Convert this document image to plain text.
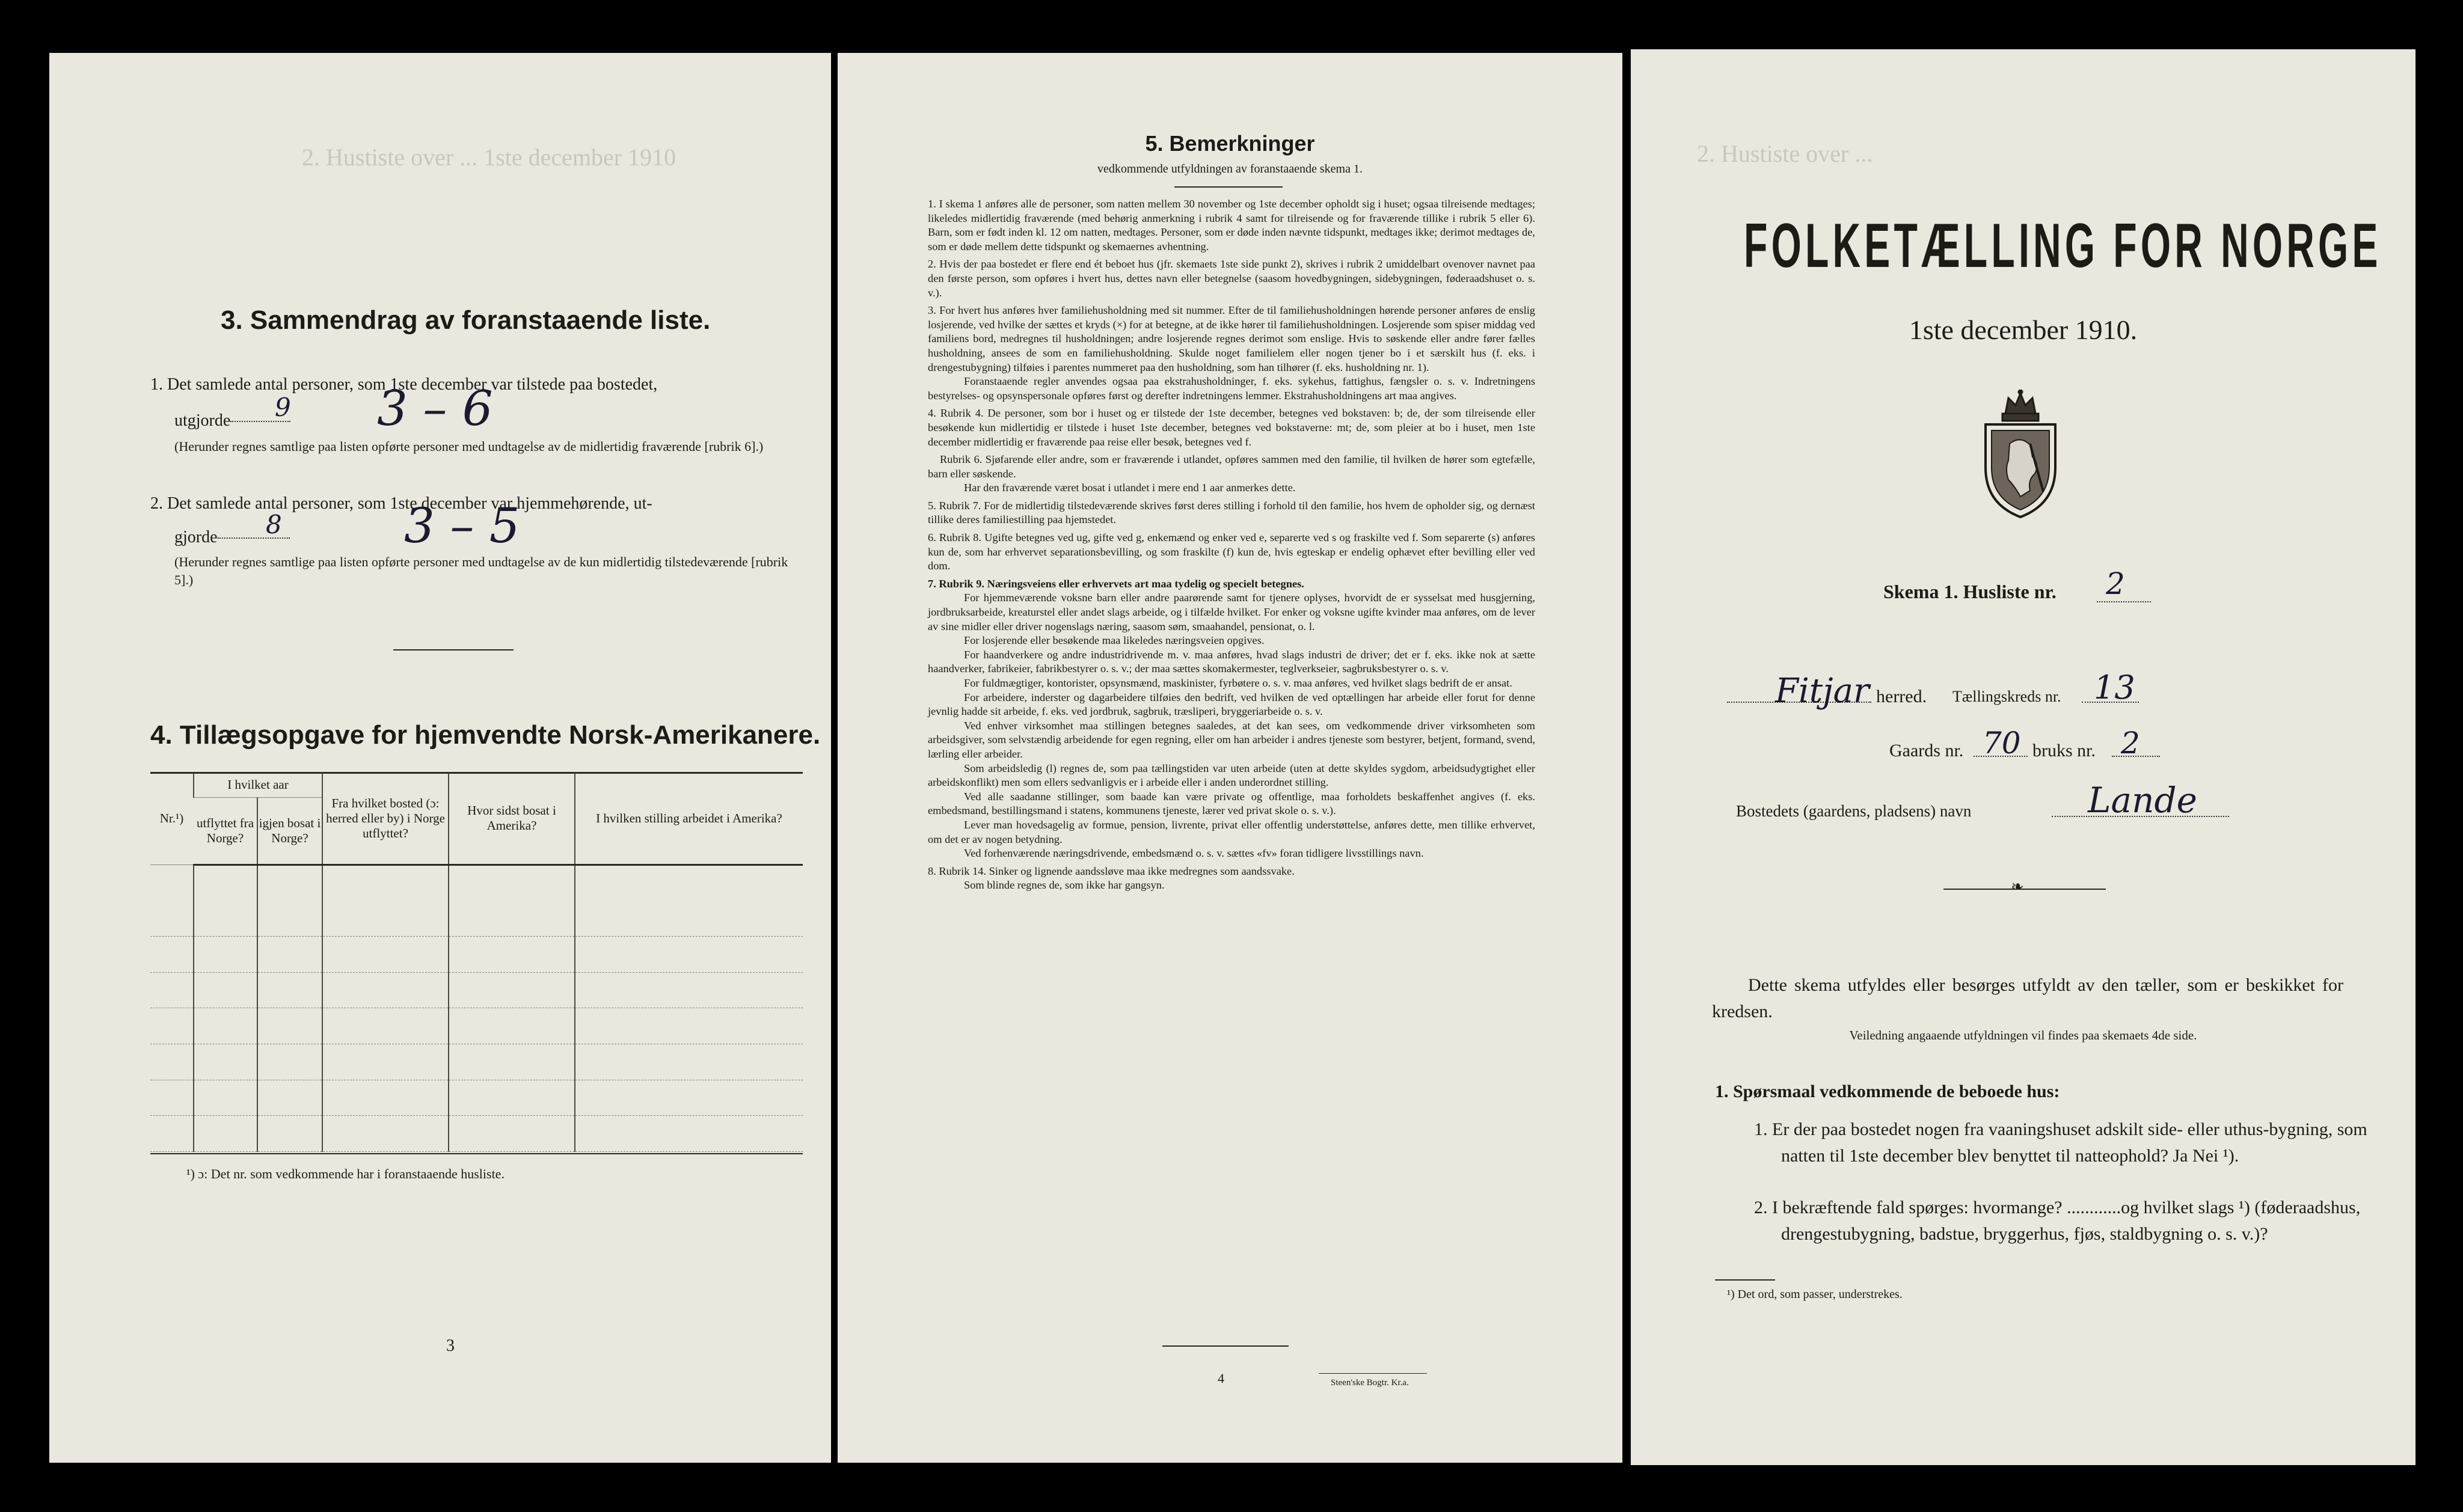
2. Hustiste over ... 1ste december 1910
3. Sammendrag av foranstaaende liste.
1. Det samlede antal personer, som 1ste december var tilstede paa bostedet,
utgjorde	9 3 – 6
(Herunder regnes samtlige paa listen opførte personer med undtagelse av de midlertidig fraværende [rubrik 6].)
2. Det samlede antal personer, som 1ste december var hjemmehørende, ut-
gjorde	8	3 – 5
(Herunder regnes samtlige paa listen opførte personer med undtagelse av de kun midlertidig tilstedeværende [rubrik 5].)
4. Tillægsopgave for hjemvendte Norsk-Amerikanere.
Nr.¹)	I hvilket aar		Fra hvilket bosted (ɔ: herred eller by) i Norge utflyttet?	Hvor sidst bosat i Amerika?	I hvilken stilling arbeidet i Amerika?
	utflyttet fra Norge?	igjen bosat i Norge?			

¹) ɔ: Det nr. som vedkommende har i foranstaaende husliste.
3
5. Bemerkninger
vedkommende utfyldningen av foranstaaende skema 1.

1. I skema 1 anføres alle de personer, som natten mellem 30 november og 1ste december opholdt sig i huset; ogsaa tilreisende medtages; likeledes midlertidig fraværende (med behørig anmerkning i rubrik 4 samt for tilreisende og for fraværende tillike i rubrik 5 eller 6). Barn, som er født inden kl. 12 om natten, medtages. Personer, som er døde inden nævnte tidspunkt, medtages ikke; derimot medtages de, som er døde mellem dette tidspunkt og skemaernes avhentning.

2. Hvis der paa bostedet er flere end ét beboet hus (jfr. skemaets 1ste side punkt 2), skrives i rubrik 2 umiddelbart ovenover navnet paa den første person, som opføres i hvert hus, dettes navn eller betegnelse (saasom hovedbygningen, sidebygningen, føderaadshuset o. s. v.).

3. For hvert hus anføres hver familiehusholdning med sit nummer. Efter de til familiehusholdningen hørende personer anføres de enslig losjerende, ved hvilke der sættes et kryds (×) for at betegne, at de ikke hører til familiehusholdningen. Losjerende som spiser middag ved familiens bord, medregnes til husholdningen; andre losjerende regnes derimot som enslige. Hvis to søskende eller andre fører fælles husholdning, ansees de som en familiehusholdning. Skulde noget familielem eller nogen tjener bo i et særskilt hus (f. eks. i drengestubygning) tilføies i parentes nummeret paa den husholdning, som han tilhører (f. eks. husholdning nr. 1).

Foranstaaende regler anvendes ogsaa paa ekstrahusholdninger, f. eks. sykehus, fattighus, fængsler o. s. v. Indretningens bestyrelses- og opsynspersonale opføres først og derefter indretningens lemmer. Ekstrahusholdningens art maa angives.

4. Rubrik 4. De personer, som bor i huset og er tilstede der 1ste december, betegnes ved bokstaven: b; de, der som tilreisende eller besøkende kun midlertidig er tilstede i huset 1ste december, betegnes ved bokstaverne: mt; de, som pleier at bo i huset, men 1ste december midlertidig er fraværende paa reise eller besøk, betegnes ved f.

Rubrik 6. Sjøfarende eller andre, som er fraværende i utlandet, opføres sammen med den familie, til hvilken de hører som egtefælle, barn eller søskende.

Har den fraværende været bosat i utlandet i mere end 1 aar anmerkes dette.

5. Rubrik 7. For de midlertidig tilstedeværende skrives først deres stilling i forhold til den familie, hos hvem de opholder sig, og dernæst tillike deres familiestilling paa hjemstedet.

6. Rubrik 8. Ugifte betegnes ved ug, gifte ved g, enkemænd og enker ved e, separerte ved s og fraskilte ved f. Som separerte (s) anføres kun de, som har erhvervet separationsbevilling, og som fraskilte (f) kun de, hvis egteskap er endelig ophævet efter bevilling eller ved dom.

7. Rubrik 9. Næringsveiens eller erhvervets art maa tydelig og specielt betegnes.

For hjemmeværende voksne barn eller andre paarørende samt for tjenere oplyses, hvorvidt de er sysselsat med husgjerning, jordbruksarbeide, kreaturstel eller andet slags arbeide, og i tilfælde hvilket. For enker og voksne ugifte kvinder maa anføres, om de lever av sine midler eller driver nogenslags næring, saasom søm, smaahandel, pensionat, o. l.

For losjerende eller besøkende maa likeledes næringsveien opgives.

For haandverkere og andre industridrivende m. v. maa anføres, hvad slags industri de driver; det er f. eks. ikke nok at sætte haandverker, fabrikeier, fabrikbestyrer o. s. v.; der maa sættes skomakermester, teglverkseier, sagbruksbestyrer o. s. v.

For fuldmægtiger, kontorister, opsynsmænd, maskinister, fyrbøtere o. s. v. maa anføres, ved hvilket slags bedrift de er ansat.

For arbeidere, inderster og dagarbeidere tilføies den bedrift, ved hvilken de ved optællingen har arbeide eller forut for denne jevnlig hadde sit arbeide, f. eks. ved jordbruk, sagbruk, træsliperi, bryggeriarbeide o. s. v.

Ved enhver virksomhet maa stillingen betegnes saaledes, at det kan sees, om vedkommende driver virksomheten som arbeidsgiver, som selvstændig arbeidende for egen regning, eller om han arbeider i andres tjeneste som bestyrer, betjent, formand, svend, lærling eller arbeider.

Som arbeidsledig (l) regnes de, som paa tællingstiden var uten arbeide (uten at dette skyldes sygdom, arbeidsudygtighet eller arbeidskonflikt) men som ellers sedvanligvis er i arbeide eller i anden underordnet stilling.

Ved alle saadanne stillinger, som baade kan være private og offentlige, maa forholdets beskaffenhet angives (f. eks. embedsmand, bestillingsmand i statens, kommunens tjeneste, lærer ved privat skole o. s. v.).

Lever man hovedsagelig av formue, pension, livrente, privat eller offentlig understøttelse, anføres dette, men tillike erhvervet, om det er av nogen betydning.

Ved forhenværende næringsdrivende, embedsmænd o. s. v. sættes «fv» foran tidligere livsstillings navn.

8. Rubrik 14. Sinker og lignende aandssløve maa ikke medregnes som aandssvake.

Som blinde regnes de, som ikke har gangsyn.

4	Steen'ske Bogtr. Kr.a.
2. Hustiste over ...
FOLKETÆLLING FOR NORGE
1ste december 1910.
Skema 1. Husliste nr. 2
Fitjar herred. Tællingskreds nr. 13
Gaards nr. 70 bruks nr. 2
Bostedets (gaardens, pladsens) navn	Lande
❧
Dette skema utfyldes eller besørges utfyldt av den tæller, som er beskikket for kredsen.
Veiledning angaaende utfyldningen vil findes paa skemaets 4de side.
1. Spørsmaal vedkommende de beboede hus:
1. Er der paa bostedet nogen fra vaaningshuset adskilt side- eller uthus-bygning, som natten til 1ste december blev benyttet til natteophold? Ja Nei ¹).
2. I bekræftende fald spørges: hvormange? ............og hvilket slags ¹) (føderaadshus, drengestubygning, badstue, bryggerhus, fjøs, staldbygning o. s. v.)?
¹) Det ord, som passer, understrekes.
